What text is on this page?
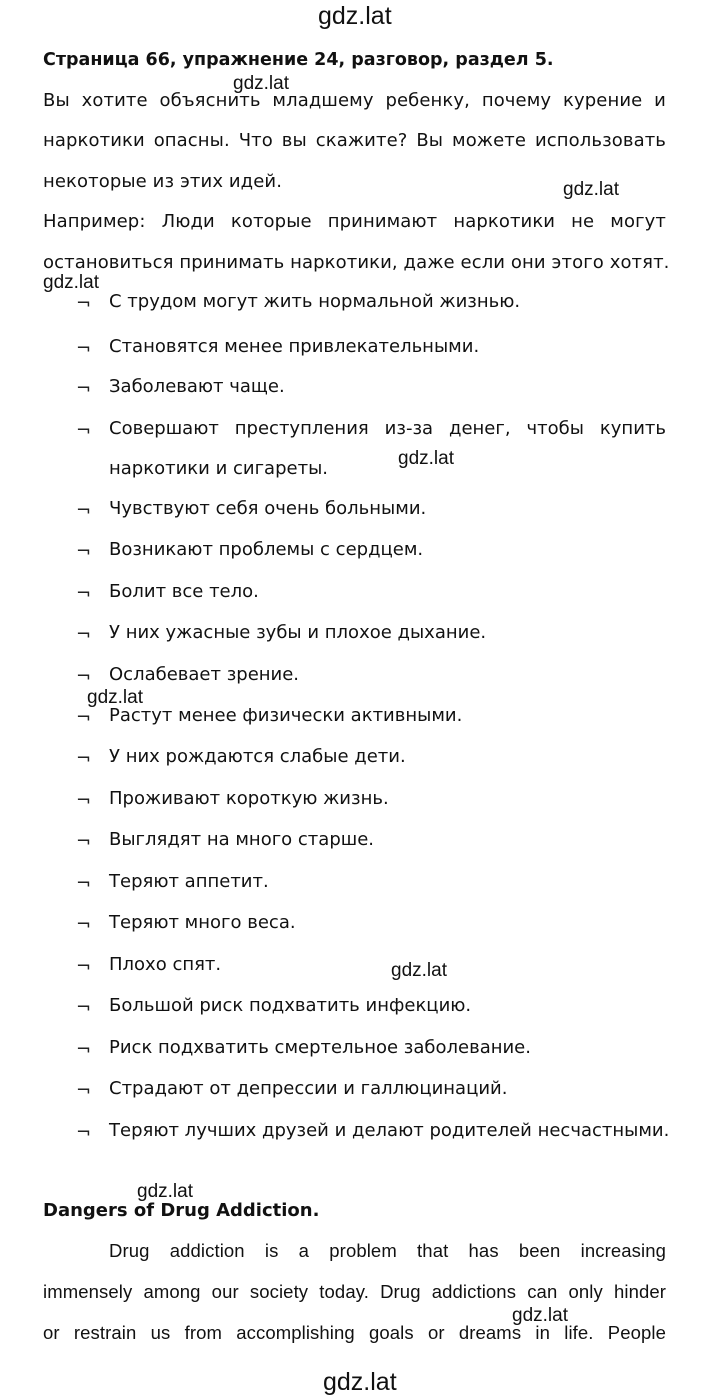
gdz.lat
gdz.lat
gdz.lat
gdz.lat
gdz.lat
gdz.lat
gdz.lat
gdz.lat
gdz.lat
gdz.lat
Страница 66, упражнение 24, разговор, раздел 5.
Вы хотите объяснить младшему ребенку, почему курение и
наркотики опасны. Что вы скажите? Вы можете использовать
некоторые из этих идей.
Например: Люди которые принимают наркотики не могут
остановиться принимать наркотики, даже если они этого хотят.
¬ С трудом могут жить нормальной жизнью.
¬ Становятся менее привлекательными.
¬ Заболевают чаще.
¬ Совершают преступления из-за денег, чтобы купить
наркотики и сигареты.
¬ Чувствуют себя очень больными.
¬ Возникают проблемы с сердцем.
¬ Болит все тело.
¬ У них ужасные зубы и плохое дыхание.
¬ Ослабевает зрение.
¬ Растут менее физически активными.
¬ У них рождаются слабые дети.
¬ Проживают короткую жизнь.
¬ Выглядят на много старше.
¬ Теряют аппетит.
¬ Теряют много веса.
¬ Плохо спят.
¬ Большой риск подхватить инфекцию.
¬ Риск подхватить смертельное заболевание.
¬ Страдают от депрессии и галлюцинаций.
¬ Теряют лучших друзей и делают родителей несчастными.
Dangers of Drug Addiction.
Drug addiction is a problem that has been increasing
immensely among our society today. Drug addictions can only hinder
or restrain us from accomplishing goals or dreams in life. People
